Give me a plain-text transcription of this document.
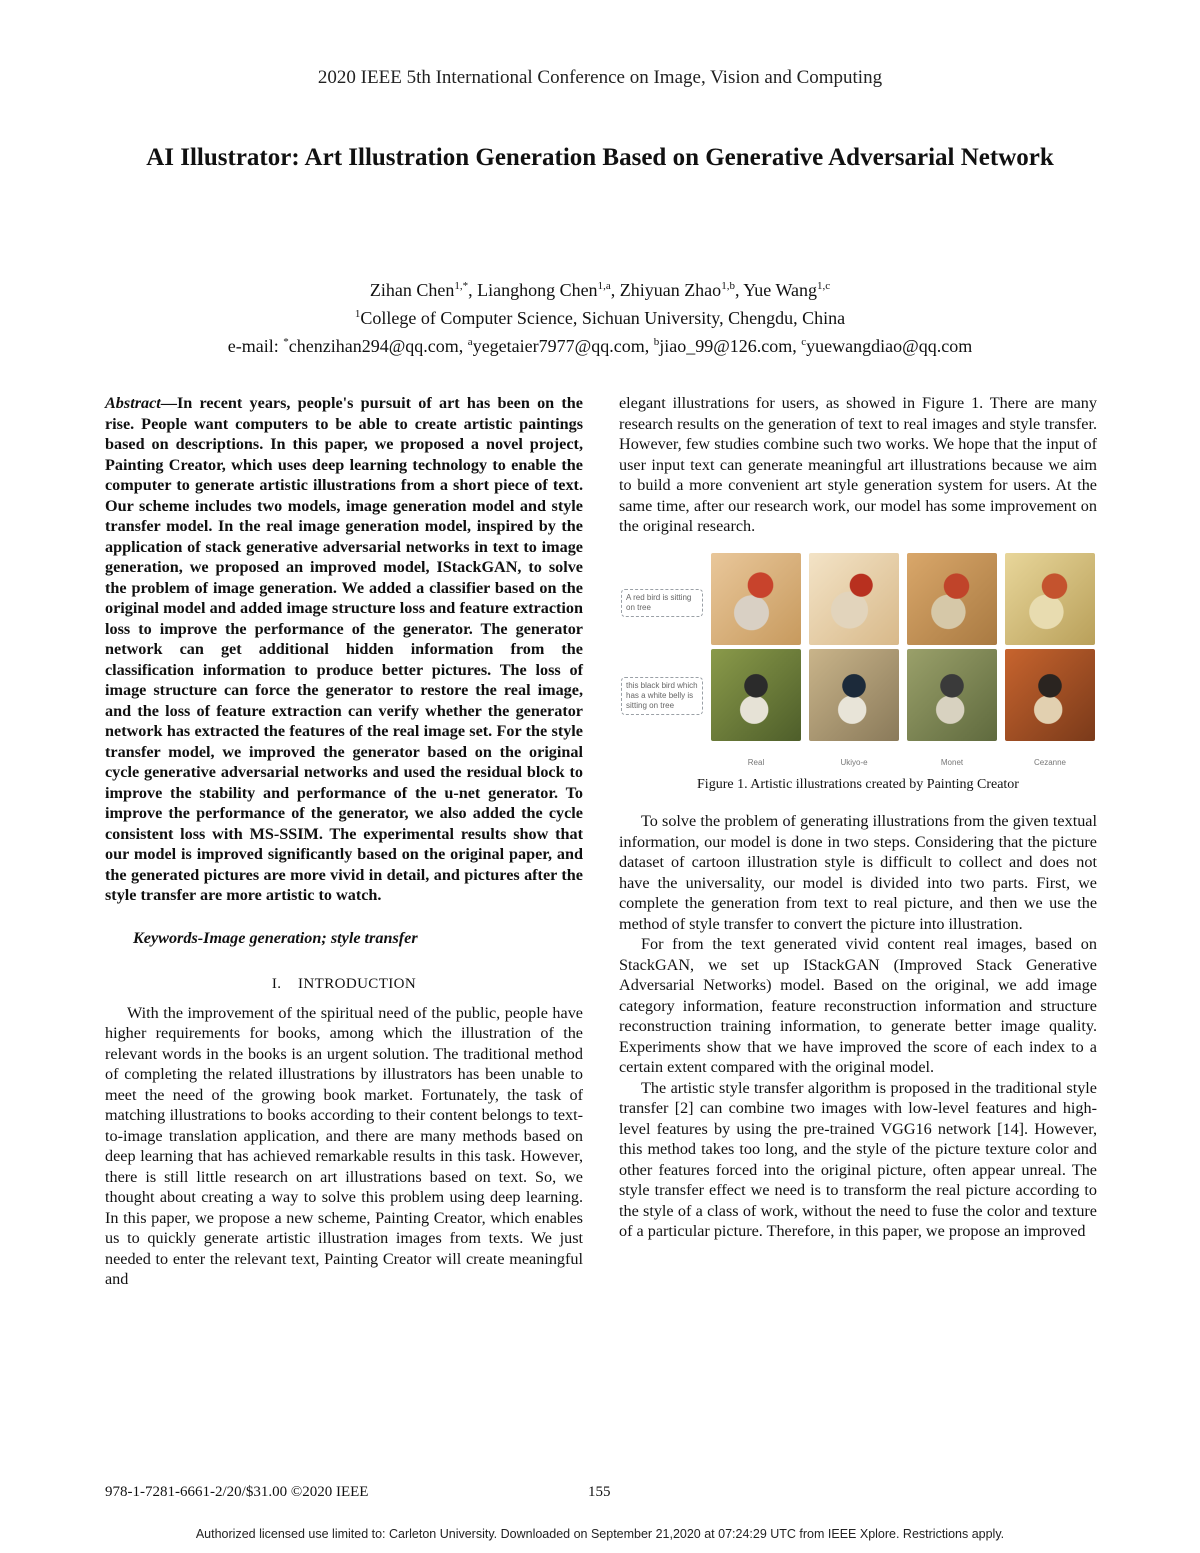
2020 IEEE 5th International Conference on Image, Vision and Computing
AI Illustrator: Art Illustration Generation Based on Generative Adversarial Network
Zihan Chen$^{1,*}$, Lianghong Chen$^{1,a}$, Zhiyuan Zhao$^{1,b}$, Yue Wang$^{1,c}$
$^1$College of Computer Science, Sichuan University, Chengdu, China
e-mail: *chenzihan294@qq.com, $^a$yegetaier7977@qq.com, $^b$jiao_99@126.com, $^c$yuewangdiao@qq.com

Abstract—In recent years, people's pursuit of art has been on the rise. People want computers to be able to create artistic paintings based on descriptions. In this paper, we proposed a novel project, Painting Creator, which uses deep learning technology to enable the computer to generate artistic illustrations from a short piece of text. Our scheme includes two models, image generation model and style transfer model. In the real image generation model, inspired by the application of stack generative adversarial networks in text to image generation, we proposed an improved model, IStackGAN, to solve the problem of image generation. We added a classifier based on the original model and added image structure loss and feature extraction loss to improve the performance of the generator. The generator network can get additional hidden information from the classification information to produce better pictures. The loss of image structure can force the generator to restore the real image, and the loss of feature extraction can verify whether the generator network has extracted the features of the real image set. For the style transfer model, we improved the generator based on the original cycle generative adversarial networks and used the residual block to improve the stability and performance of the u-net generator. To improve the performance of the generator, we also added the cycle consistent loss with MS-SSIM. The experimental results show that our model is improved significantly based on the original paper, and the generated pictures are more vivid in detail, and pictures after the style transfer are more artistic to watch.

Keywords-Image generation; style transfer

I. INTRODUCTION

With the improvement of the spiritual need of the public, people have higher requirements for books, among which the illustration of the relevant words in the books is an urgent solution. The traditional method of completing the related illustrations by illustrators has been unable to meet the need of the growing book market. Fortunately, the task of matching illustrations to books according to their content belongs to text-to-image translation application, and there are many methods based on deep learning that has achieved remarkable results in this task. However, there is still little research on art illustrations based on text. So, we thought about creating a way to solve this problem using deep learning. In this paper, we propose a new scheme, Painting Creator, which enables us to quickly generate artistic illustration images from texts. We just needed to enter the relevant text, Painting Creator will create meaningful and

elegant illustrations for users, as showed in Figure 1. There are many research results on the generation of text to real images and style transfer. However, few studies combine such two works. We hope that the input of user input text can generate meaningful art illustrations because we aim to build a more convenient art style generation system for users. At the same time, after our research work, our model has some improvement on the original research.

A red bird is sitting on tree
this black bird which has a white belly is sitting on tree
Real	Ukiyo-e	Monet	Cezanne

Figure 1. Artistic illustrations created by Painting Creator

To solve the problem of generating illustrations from the given textual information, our model is done in two steps. Considering that the picture dataset of cartoon illustration style is difficult to collect and does not have the universality, our model is divided into two parts. First, we complete the generation from text to real picture, and then we use the method of style transfer to convert the picture into illustration.

For from the text generated vivid content real images, based on StackGAN, we set up IStackGAN (Improved Stack Generative Adversarial Networks) model. Based on the original, we add image category information, feature reconstruction information and structure reconstruction training information, to generate better image quality. Experiments show that we have improved the score of each index to a certain extent compared with the original model.

The artistic style transfer algorithm is proposed in the traditional style transfer [2] can combine two images with low-level features and high-level features by using the pre-trained VGG16 network [14]. However, this method takes too long, and the style of the picture texture color and other features forced into the original picture, often appear unreal. The style transfer effect we need is to transform the real picture according to the style of a class of work, without the need to fuse the color and texture of a particular picture. Therefore, in this paper, we propose an improved

978-1-7281-6661-2/20/$31.00 ©2020 IEEE	155
Authorized licensed use limited to: Carleton University. Downloaded on September 21,2020 at 07:24:29 UTC from IEEE Xplore. Restrictions apply.
